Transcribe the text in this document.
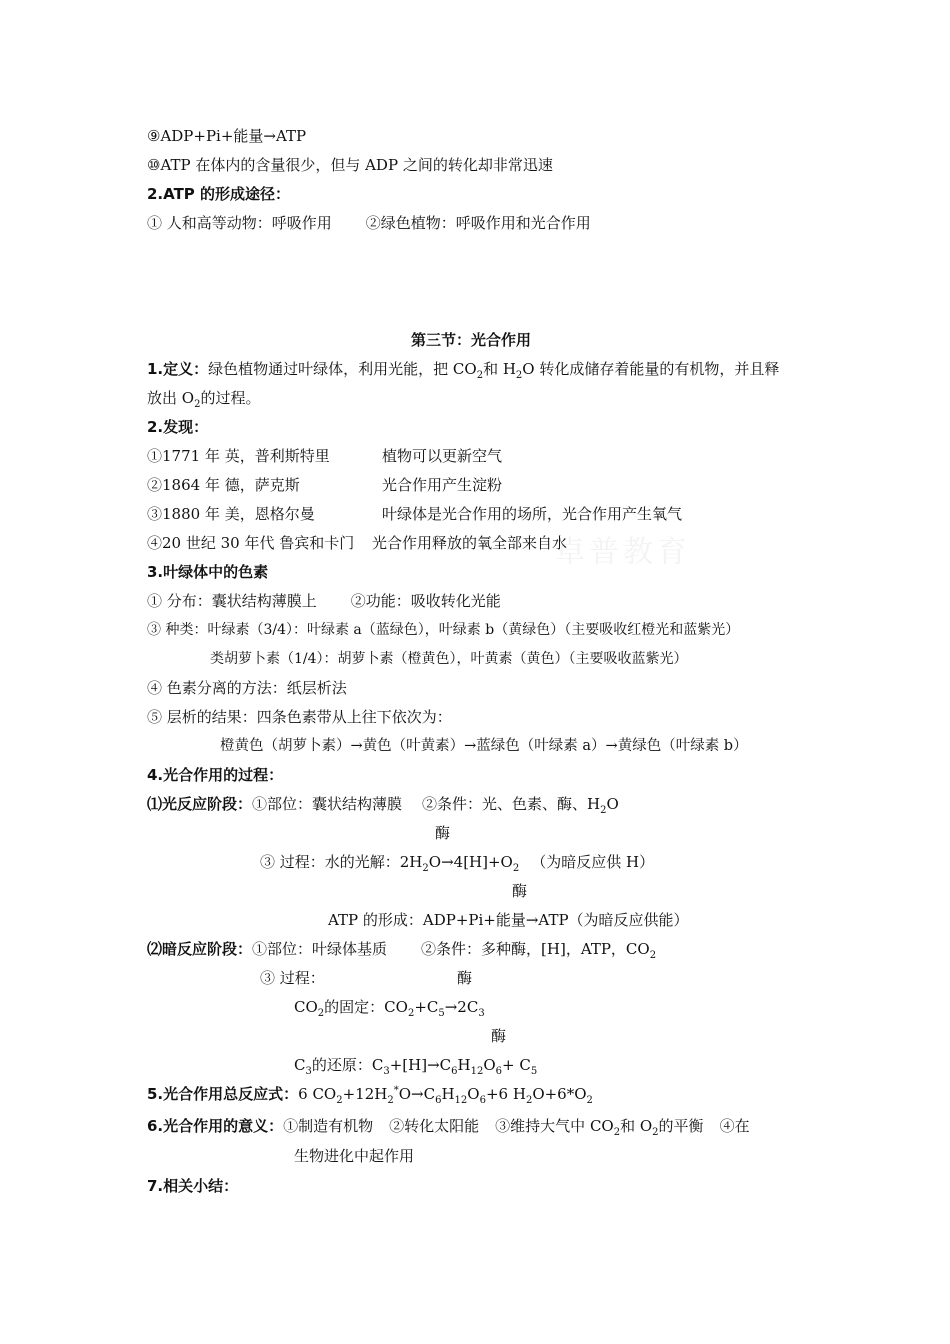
卓普教育
⑨ADP+Pi+能量→ATP
⑩ATP 在体内的含量很少，但与 ADP 之间的转化却非常迅速
2.ATP 的形成途径：
① 人和高等动物：呼吸作用 ②绿色植物：呼吸作用和光合作用
第三节：光合作用
1.定义：绿色植物通过叶绿体，利用光能，把 $CO_2$和 $H_2O$ 转化成储存着能量的有机物，并且释
放出 $O_2$的过程。
2.发现：
①1771 年 英，普利斯特里	植物可以更新空气
②1864 年 德，萨克斯	光合作用产生淀粉
③1880 年 美，恩格尔曼	叶绿体是光合作用的场所，光合作用产生氧气
④20 世纪 30 年代 鲁宾和卡门 光合作用释放的氧全部来自水
3.叶绿体中的色素
① 分布：囊状结构薄膜上 ②功能：吸收转化光能
③ 种类：叶绿素（3/4）：叶绿素 a（蓝绿色），叶绿素 b（黄绿色）（主要吸收红橙光和蓝紫光）
类胡萝卜素（1/4）：胡萝卜素（橙黄色），叶黄素（黄色）（主要吸收蓝紫光）
④ 色素分离的方法：纸层析法
⑤ 层析的结果：四条色素带从上往下依次为：
橙黄色（胡萝卜素）→黄色（叶黄素）→蓝绿色（叶绿素 a）→黄绿色（叶绿素 b）
4.光合作用的过程：
⑴光反应阶段：①部位：囊状结构薄膜 ②条件：光、色素、酶、$H_2O$
酶
③ 过程：水的光解：$2H_2O\to 4[H]+O_2$ （为暗反应供 H）
酶
ATP 的形成：ADP+Pi+能量→ATP（为暗反应供能）
⑵暗反应阶段：①部位：叶绿体基质 ②条件：多种酶，[H]，ATP，$CO_2$
③ 过程：	酶
$CO_2$的固定：$CO_2+C_5\to 2C_3$
酶
$C_3$的还原：$C_3+[H]\to C_6H_{12}O_6+ C_5$
5.光合作用总反应式：6 $CO_2+12H_2^*O\to C_6H_{12}O_6+6$ $H_2O+6*O_2$
6.光合作用的意义：①制造有机物 ②转化太阳能 ③维持大气中 $CO_2$和 $O_2$的平衡 ④在
生物进化中起作用
7.相关小结：
